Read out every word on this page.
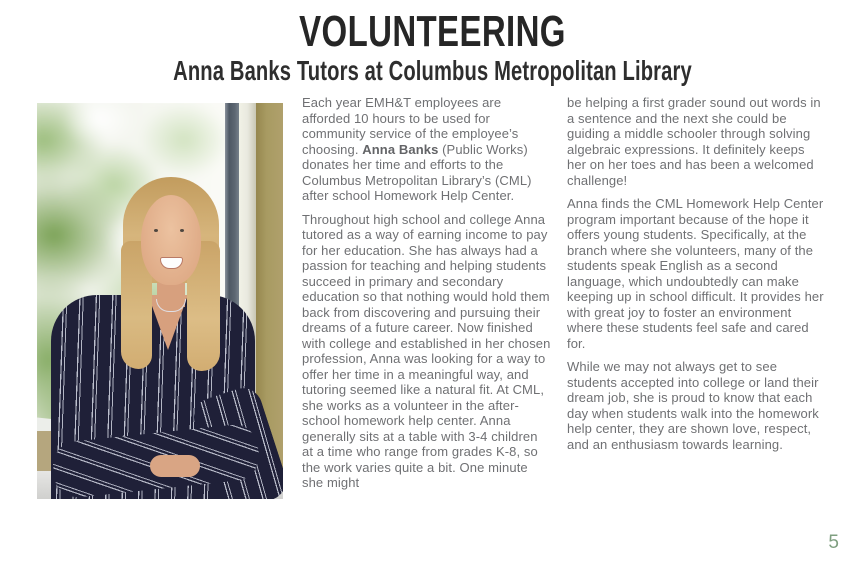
VOLUNTEERING
Anna Banks Tutors at Columbus Metropolitan Library

Each year EMH&T employees are afforded 10 hours to be used for community service of the employee’s choosing. Anna Banks (Public Works) donates her time and efforts to the Columbus Metropolitan Library’s (CML) after school Homework Help Center.

Throughout high school and college Anna tutored as a way of earning income to pay for her education. She has always had a passion for teaching and helping students succeed in primary and secondary education so that nothing would hold them back from discovering and pursuing their dreams of a future career. Now finished with college and established in her chosen profession, Anna was looking for a way to offer her time in a meaningful way, and tutoring seemed like a natural fit. At CML, she works as a volunteer in the after-school homework help center. Anna generally sits at a table with 3-4 children at a time who range from grades K-8, so the work varies quite a bit. One minute she might

be helping a first grader sound out words in a sentence and the next she could be guiding a middle schooler through solving algebraic expressions. It definitely keeps her on her toes and has been a welcomed challenge!

Anna finds the CML Homework Help Center program important because of the hope it offers young students. Specifically, at the branch where she volunteers, many of the students speak English as a second language, which undoubtedly can make keeping up in school difficult. It provides her with great joy to foster an environment where these students feel safe and cared for.

While we may not always get to see students accepted into college or land their dream job, she is proud to know that each day when students walk into the homework help center, they are shown love, respect, and an enthusiasm towards learning.

5
